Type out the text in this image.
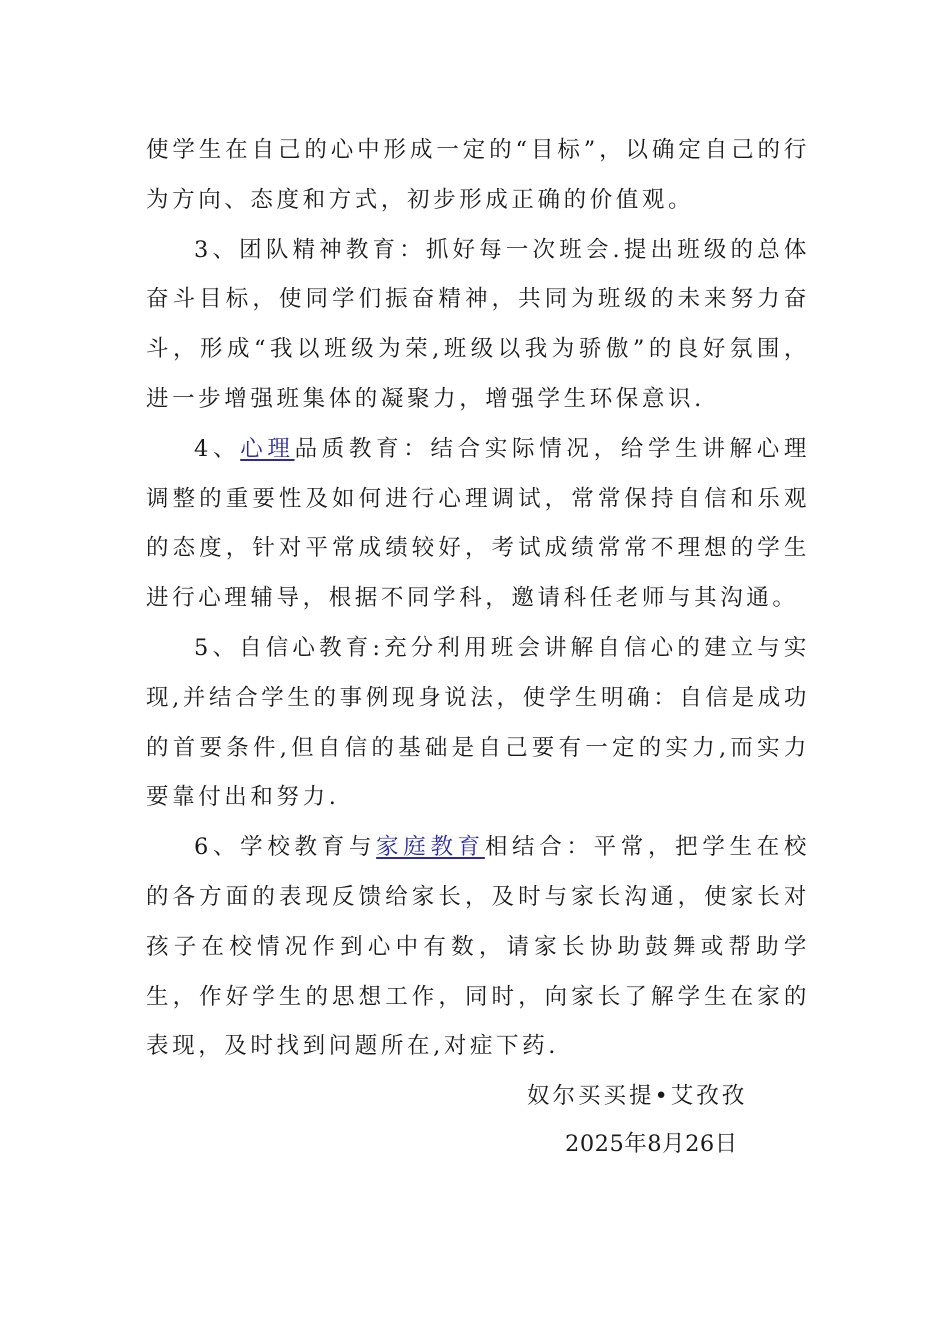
使学生在自己的心中形成一定的“目标”，以确定自己的行为方向、态度和方式，初步形成正确的价值观。

3、团队精神教育：抓好每一次班会.提出班级的总体奋斗目标，使同学们振奋精神，共同为班级的未来努力奋斗，形成“我以班级为荣,班级以我为骄傲”的良好氛围，进一步增强班集体的凝聚力，增强学生环保意识.

4、心理品质教育：结合实际情况，给学生讲解心理调整的重要性及如何进行心理调试，常常保持自信和乐观的态度，针对平常成绩较好，考试成绩常常不理想的学生进行心理辅导，根据不同学科，邀请科任老师与其沟通。

5、自信心教育:充分利用班会讲解自信心的建立与实现,并结合学生的事例现身说法，使学生明确：自信是成功的首要条件,但自信的基础是自己要有一定的实力,而实力要靠付出和努力.

6、学校教育与家庭教育相结合：平常，把学生在校的各方面的表现反馈给家长，及时与家长沟通，使家长对孩子在校情况作到心中有数，请家长协助鼓舞或帮助学生，作好学生的思想工作，同时，向家长了解学生在家的表现，及时找到问题所在,对症下药.

奴尔买买提•艾孜孜
2025年8月26日
